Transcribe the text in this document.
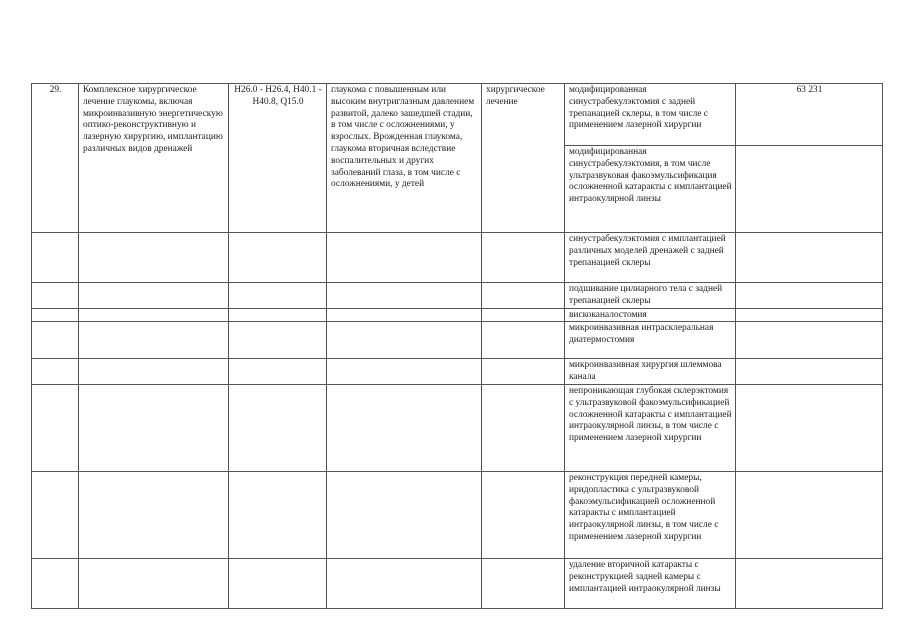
29.	Комплексное хирургическое лечение глаукомы, включая микроинвазивную энергетическую оптико-реконструктивную и лазерную хирургию, имплантацию различных видов дренажей	H26.0 - H26.4, H40.1 - H40.8, Q15.0	глаукома с повышенным или высоким внутриглазным давлением развитой, далеко зашедшей стадии, в том числе с осложнениями, у взрослых. Врожденная глаукома, глаукома вторичная вследствие воспалительных и других заболеваний глаза, в том числе с осложнениями, у детей	хирургическое лечение	модифицированная синустрабекулэктомия с задней трепанацией склеры, в том числе с применением лазерной хирургии	63 231
					модифицированная синустрабекулэктомия, в том числе ультразвуковая факоэмульсификация осложненной катаракты с имплантацией интраокулярной линзы	
					синустрабекулэктомия с имплантацией различных моделей дренажей с задней трепанацией склеры	
					подшивание цилиарного тела с задней трепанацией склеры	
					вискоканалостомия	
					микроинвазивная интрасклеральная диатермостомия	
					микроинвазивная хирургия шлеммова канала	
					непроникающая глубокая склерэктомия с ультразвуковой факоэмульсификацией осложненной катаракты с имплантацией интраокулярной линзы, в том числе с применением лазерной хирургии	
					реконструкция передней камеры, иридопластика с ультразвуковой факоэмульсификацией осложненной катаракты с имплантацией интраокулярной линзы, в том числе с применением лазерной хирургии	
					удаление вторичной катаракты с реконструкцией задней камеры с имплантацией интраокулярной линзы	
